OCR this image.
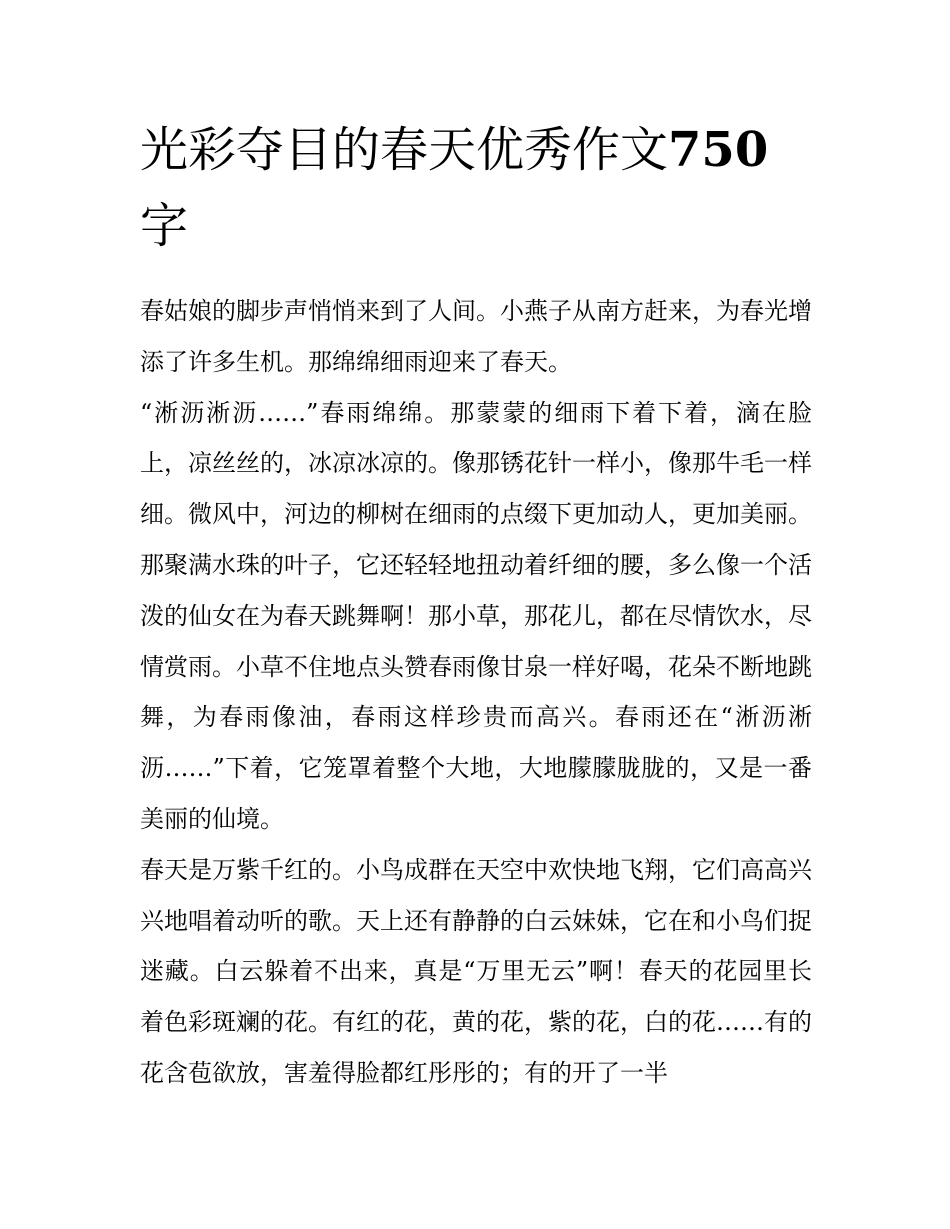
光彩夺目的春天优秀作文750字

春姑娘的脚步声悄悄来到了人间。小燕子从南方赶来，为春光增添了许多生机。那绵绵细雨迎来了春天。

“淅沥淅沥……”春雨绵绵。那蒙蒙的细雨下着下着，滴在脸上，凉丝丝的，冰凉冰凉的。像那锈花针一样小，像那牛毛一样细。微风中，河边的柳树在细雨的点缀下更加动人，更加美丽。那聚满水珠的叶子，它还轻轻地扭动着纤细的腰，多么像一个活泼的仙女在为春天跳舞啊！那小草，那花儿，都在尽情饮水，尽情赏雨。小草不住地点头赞春雨像甘泉一样好喝，花朵不断地跳舞，为春雨像油，春雨这样珍贵而高兴。春雨还在“淅沥淅沥……”下着，它笼罩着整个大地，大地朦朦胧胧的，又是一番美丽的仙境。

春天是万紫千红的。小鸟成群在天空中欢快地飞翔，它们高高兴兴地唱着动听的歌。天上还有静静的白云妹妹，它在和小鸟们捉迷藏。白云躲着不出来，真是“万里无云”啊！春天的花园里长着色彩斑斓的花。有红的花，黄的花，紫的花，白的花……有的花含苞欲放，害羞得脸都红彤彤的；有的开了一半
